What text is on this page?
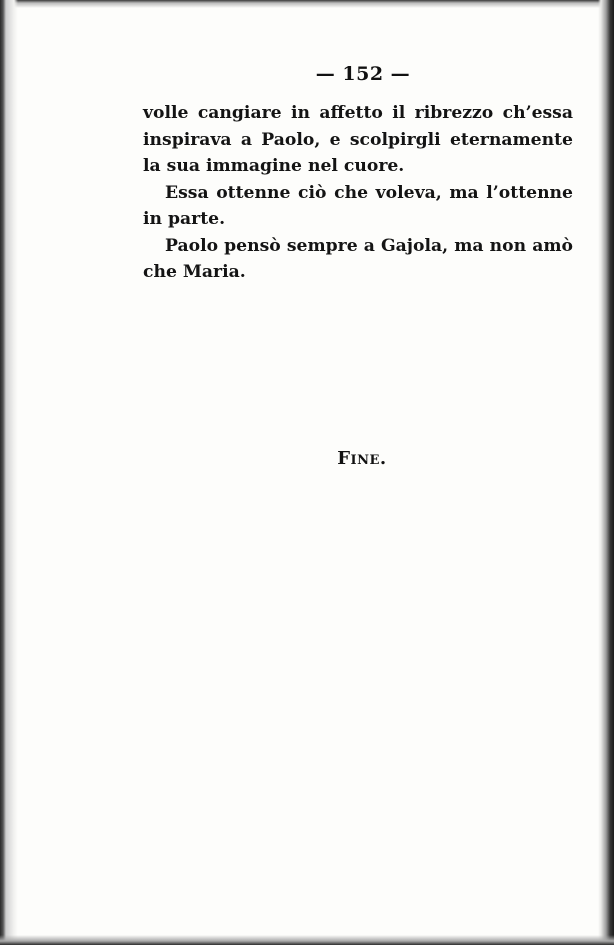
— 152 —

volle cangiare in affetto il ribrezzo ch’essa inspirava a Paolo, e scolpirgli eternamente la sua immagine nel cuore.

Essa ottenne ciò che voleva, ma l’ottenne in parte.

Paolo pensò sempre a Gajola, ma non amò che Maria.

Fine.
